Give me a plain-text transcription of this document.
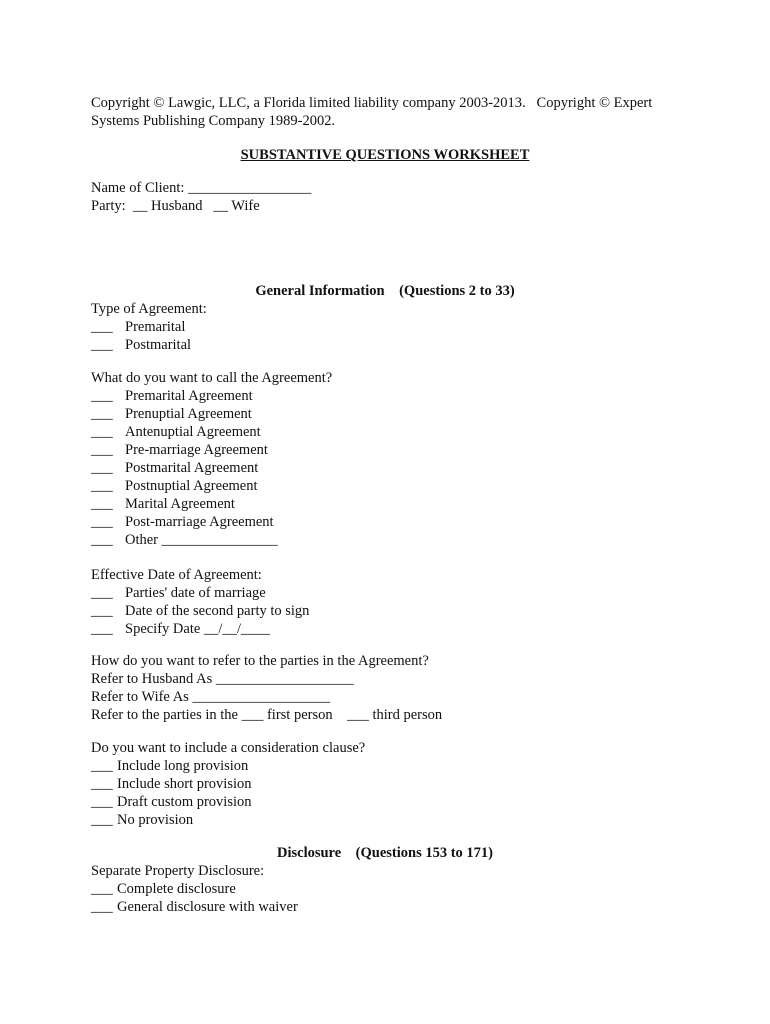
Copyright © Lawgic, LLC, a Florida limited liability company 2003-2013.   Copyright © Expert
Systems Publishing Company 1989-2002.
SUBSTANTIVE QUESTIONS WORKSHEET
Name of Client: _________________
Party:  __ Husband   __ Wife
General Information    (Questions 2 to 33)
Type of Agreement:
___ Premarital
___ Postmarital
What do you want to call the Agreement?
___ Premarital Agreement
___ Prenuptial Agreement
___ Antenuptial Agreement
___ Pre-marriage Agreement
___ Postmarital Agreement
___ Postnuptial Agreement
___ Marital Agreement
___ Post-marriage Agreement
___ Other ________________
Effective Date of Agreement:
___ Parties' date of marriage
___ Date of the second party to sign
___ Specify Date __/__/____
How do you want to refer to the parties in the Agreement?
Refer to Husband As ___________________
Refer to Wife As ___________________
Refer to the parties in the ___ first person    ___ third person
Do you want to include a consideration clause?
___ Include long provision
___ Include short provision
___ Draft custom provision
___ No provision
Disclosure    (Questions 153 to 171)
Separate Property Disclosure:
___ Complete disclosure
___ General disclosure with waiver
